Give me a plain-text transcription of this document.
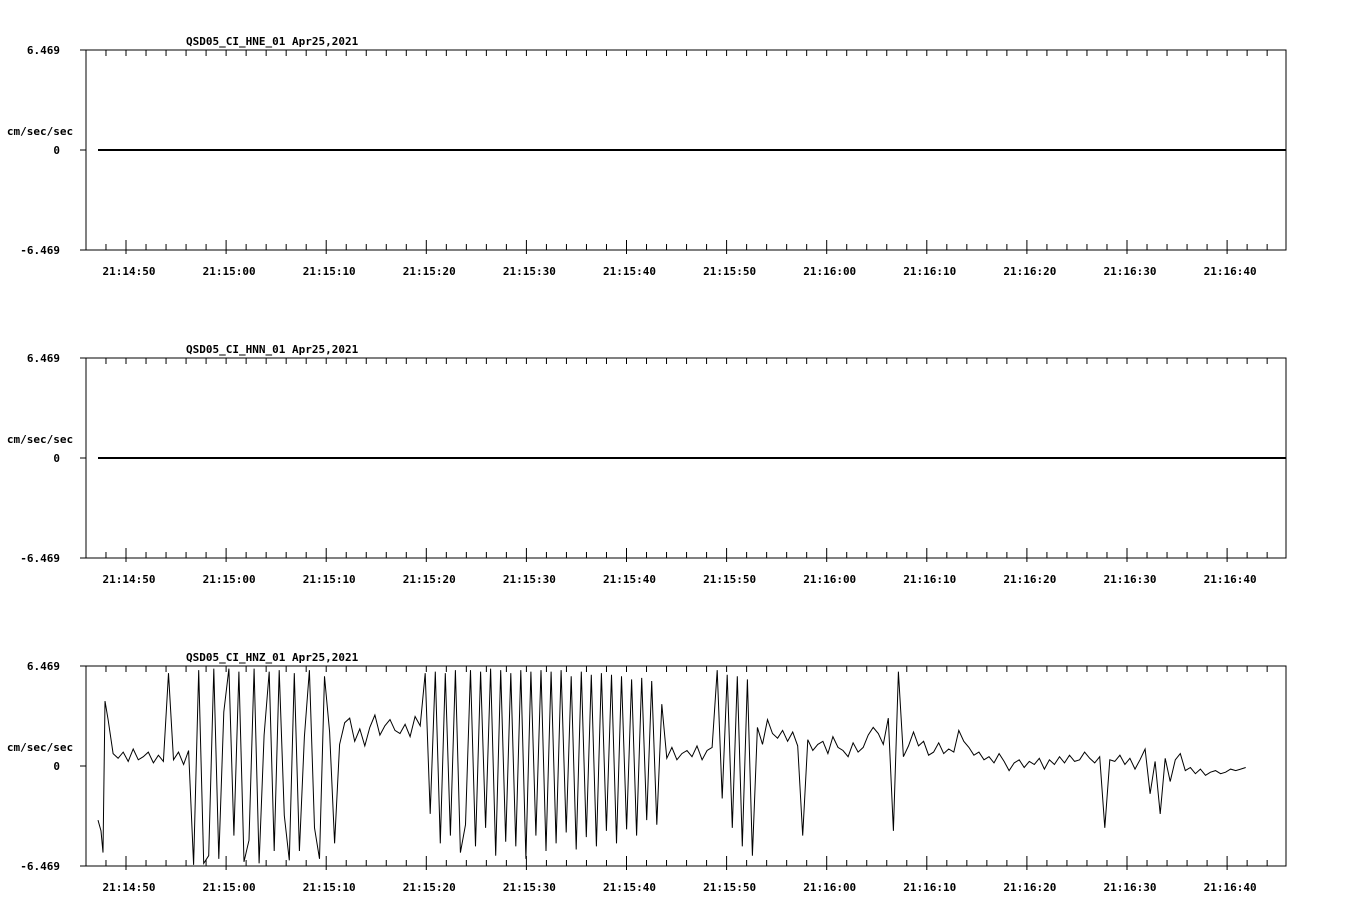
QSD05_CI_HNE_01 Apr25,2021
6.469
0
-6.469
cm/sec/sec
21:14:50	21:15:00	21:15:10	21:15:20	21:15:30	21:15:40	21:15:50	21:16:00	21:16:10	21:16:20	21:16:30	21:16:40
QSD05_CI_HNN_01 Apr25,2021
6.469
0
-6.469
cm/sec/sec
21:14:50	21:15:00	21:15:10	21:15:20	21:15:30	21:15:40	21:15:50	21:16:00	21:16:10	21:16:20	21:16:30	21:16:40
QSD05_CI_HNZ_01 Apr25,2021
6.469
0
-6.469
cm/sec/sec
21:14:50	21:15:00	21:15:10	21:15:20	21:15:30	21:15:40	21:15:50	21:16:00	21:16:10	21:16:20	21:16:30	21:16:40
